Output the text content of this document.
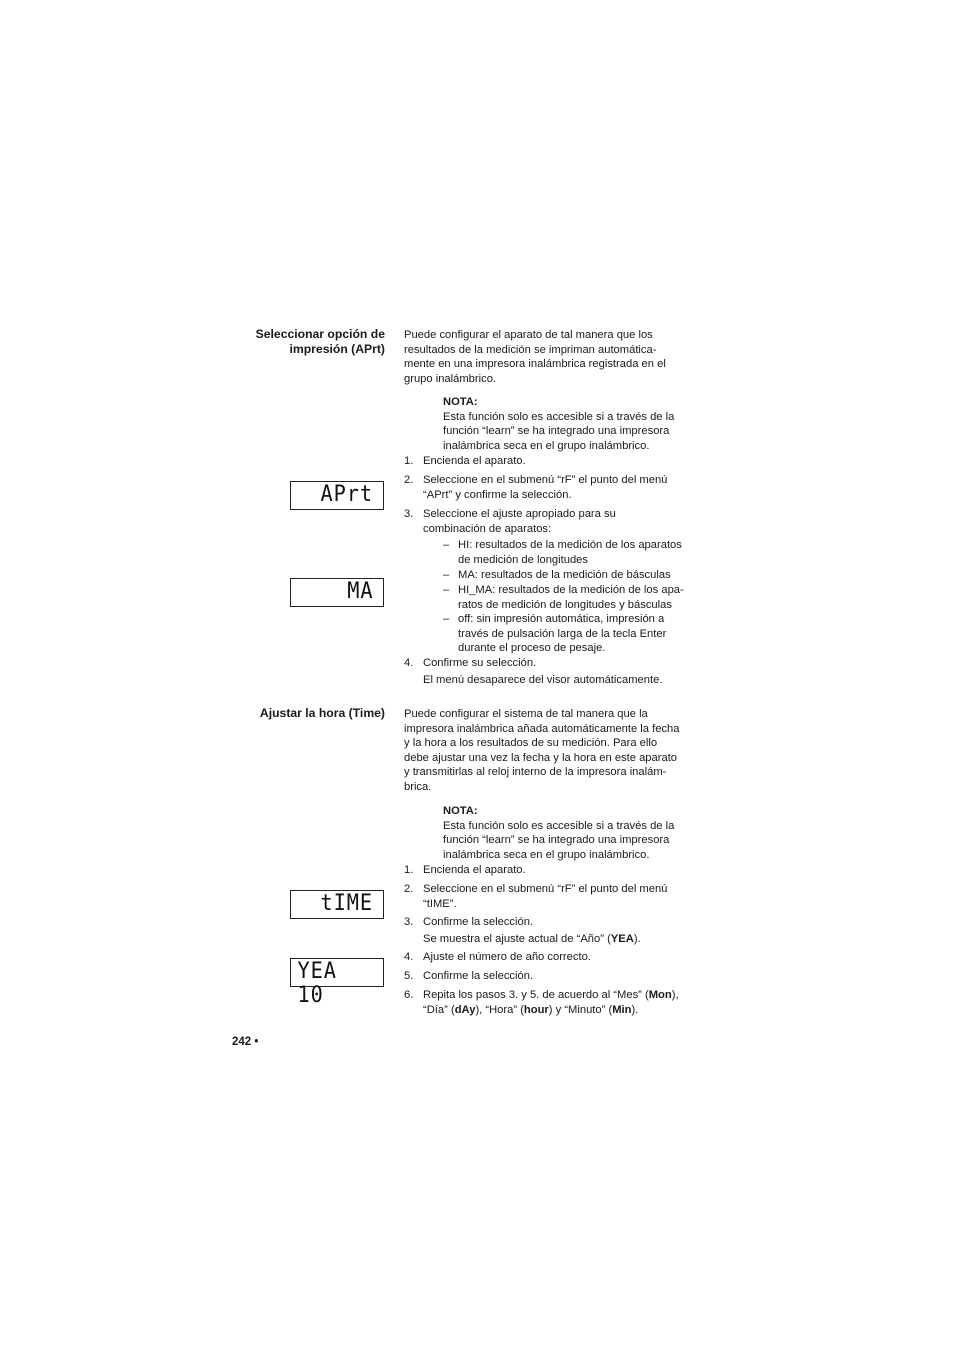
Seleccionar opción de
impresión (APrt)
Puede configurar el aparato de tal manera que los
resultados de la medición se impriman automática-
mente en una impresora inalámbrica registrada en el
grupo inalámbrico.
NOTA:
Esta función solo es accesible si a través de la
función “learn” se ha integrado una impresora
inalámbrica seca en el grupo inalámbrico.
1. Encienda el aparato.
2. Seleccione en el submenú “rF” el punto del menú
“APrt” y confirme la selección.
3. Seleccione el ajuste apropiado para su
combinación de aparatos:
– HI: resultados de la medición de los aparatos
de medición de longitudes
– MA: resultados de la medición de básculas
– HI_MA: resultados de la medición de los apa-
ratos de medición de longitudes y básculas
– off: sin impresión automática, impresión a
través de pulsación larga de la tecla Enter
durante el proceso de pesaje.
4. Confirme su selección.
El menú desaparece del visor automáticamente.
APrt
MA
Ajustar la hora (Time) Puede configurar el sistema de tal manera que la
impresora inalámbrica añada automáticamente la fecha
y la hora a los resultados de su medición. Para ello
debe ajustar una vez la fecha y la hora en este aparato
y transmitirlas al reloj interno de la impresora inalám-
brica.
NOTA:
Esta función solo es accesible si a través de la
función “learn” se ha integrado una impresora
inalámbrica seca en el grupo inalámbrico.
1. Encienda el aparato.
2. Seleccione en el submenú “rF” el punto del menú
“tIME”.
3. Confirme la selección.
Se muestra el ajuste actual de “Año” (YEA).
4. Ajuste el número de año correcto.
5. Confirme la selección.
6. Repita los pasos 3. y 5. de acuerdo al “Mes” (Mon),
“Día” (dAy), “Hora” (hour) y “Minuto” (Min).
tIME
YEA 10
242 •
